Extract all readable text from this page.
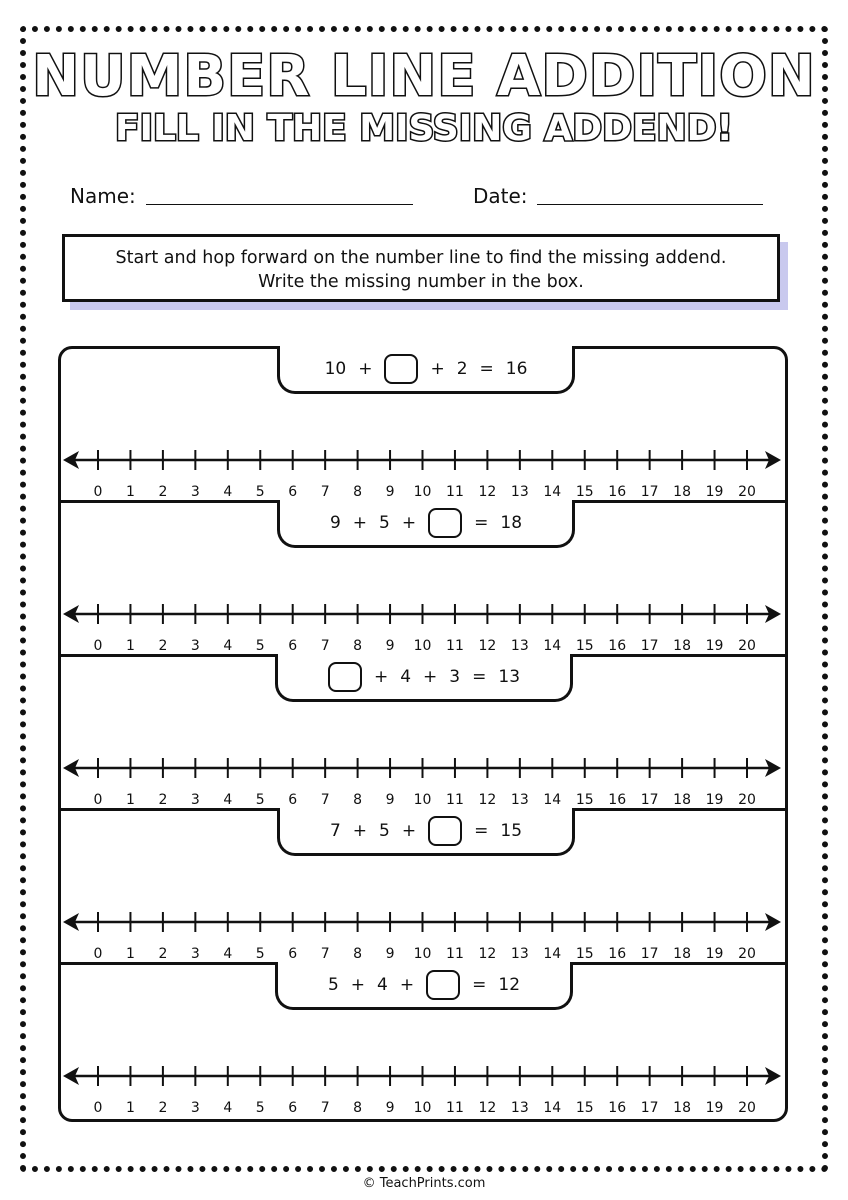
NUMBER LINE ADDITION
FILL IN THE MISSING ADDEND!
Name:	Date:
Start and hop forward on the number line to find the missing addend.
Write the missing number in the box.
10 +	+ 2 = 16
0 1 2 3 4 5 6 7 8 9 10 11 12 13 14 15 16 17 18 19 20
9 + 5 +	= 18
0 1 2 3 4 5 6 7 8 9 10 11 12 13 14 15 16 17 18 19 20
+ 4 + 3 = 13
0 1 2 3 4 5 6 7 8 9 10 11 12 13 14 15 16 17 18 19 20
7 + 5 +	= 15
0 1 2 3 4 5 6 7 8 9 10 11 12 13 14 15 16 17 18 19 20
5 + 4 +	= 12
0 1 2 3 4 5 6 7 8 9 10 11 12 13 14 15 16 17 18 19 20
© TeachPrints.com
